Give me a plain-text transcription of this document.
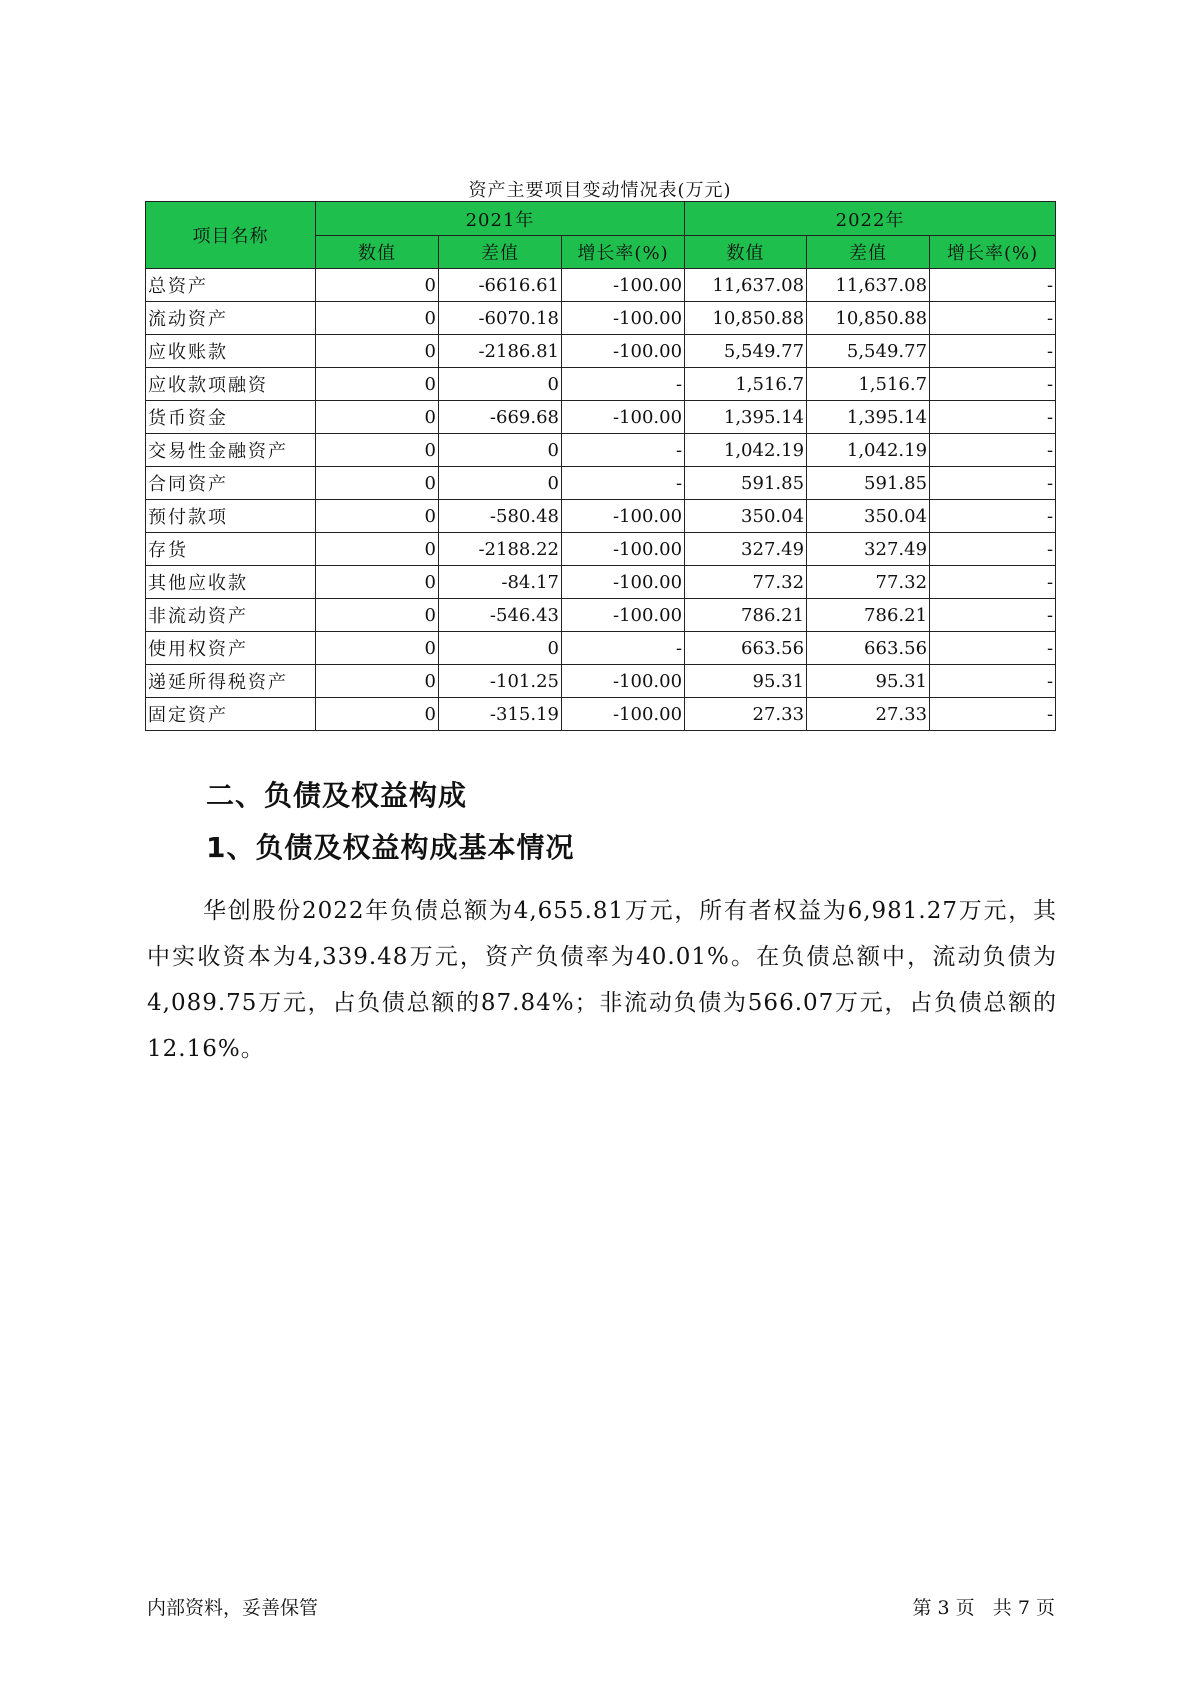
资产主要项目变动情况表(万元)
项目名称	2021年			2022年		
	数值	差值	增长率(%)	数值	差值	增长率(%)
总资产	0	-6616.61	-100.00	11,637.08	11,637.08	-
流动资产	0	-6070.18	-100.00	10,850.88	10,850.88	-
应收账款	0	-2186.81	-100.00	5,549.77	5,549.77	-
应收款项融资	0	0	-	1,516.7	1,516.7	-
货币资金	0	-669.68	-100.00	1,395.14	1,395.14	-
交易性金融资产	0	0	-	1,042.19	1,042.19	-
合同资产	0	0	-	591.85	591.85	-
预付款项	0	-580.48	-100.00	350.04	350.04	-
存货	0	-2188.22	-100.00	327.49	327.49	-
其他应收款	0	-84.17	-100.00	77.32	77.32	-
非流动资产	0	-546.43	-100.00	786.21	786.21	-
使用权资产	0	0	-	663.56	663.56	-
递延所得税资产	0	-101.25	-100.00	95.31	95.31	-
固定资产	0	-315.19	-100.00	27.33	27.33	-
二、负债及权益构成
1、负债及权益构成基本情况
华创股份2022年负债总额为4,655.81万元，所有者权益为6,981.27万元，其中实收资本为4,339.48万元，资产负债率为40.01%。在负债总额中，流动负债为4,089.75万元，占负债总额的87.84%；非流动负债为566.07万元，占负债总额的12.16%。
内部资料，妥善保管	第 3 页 共 7 页
